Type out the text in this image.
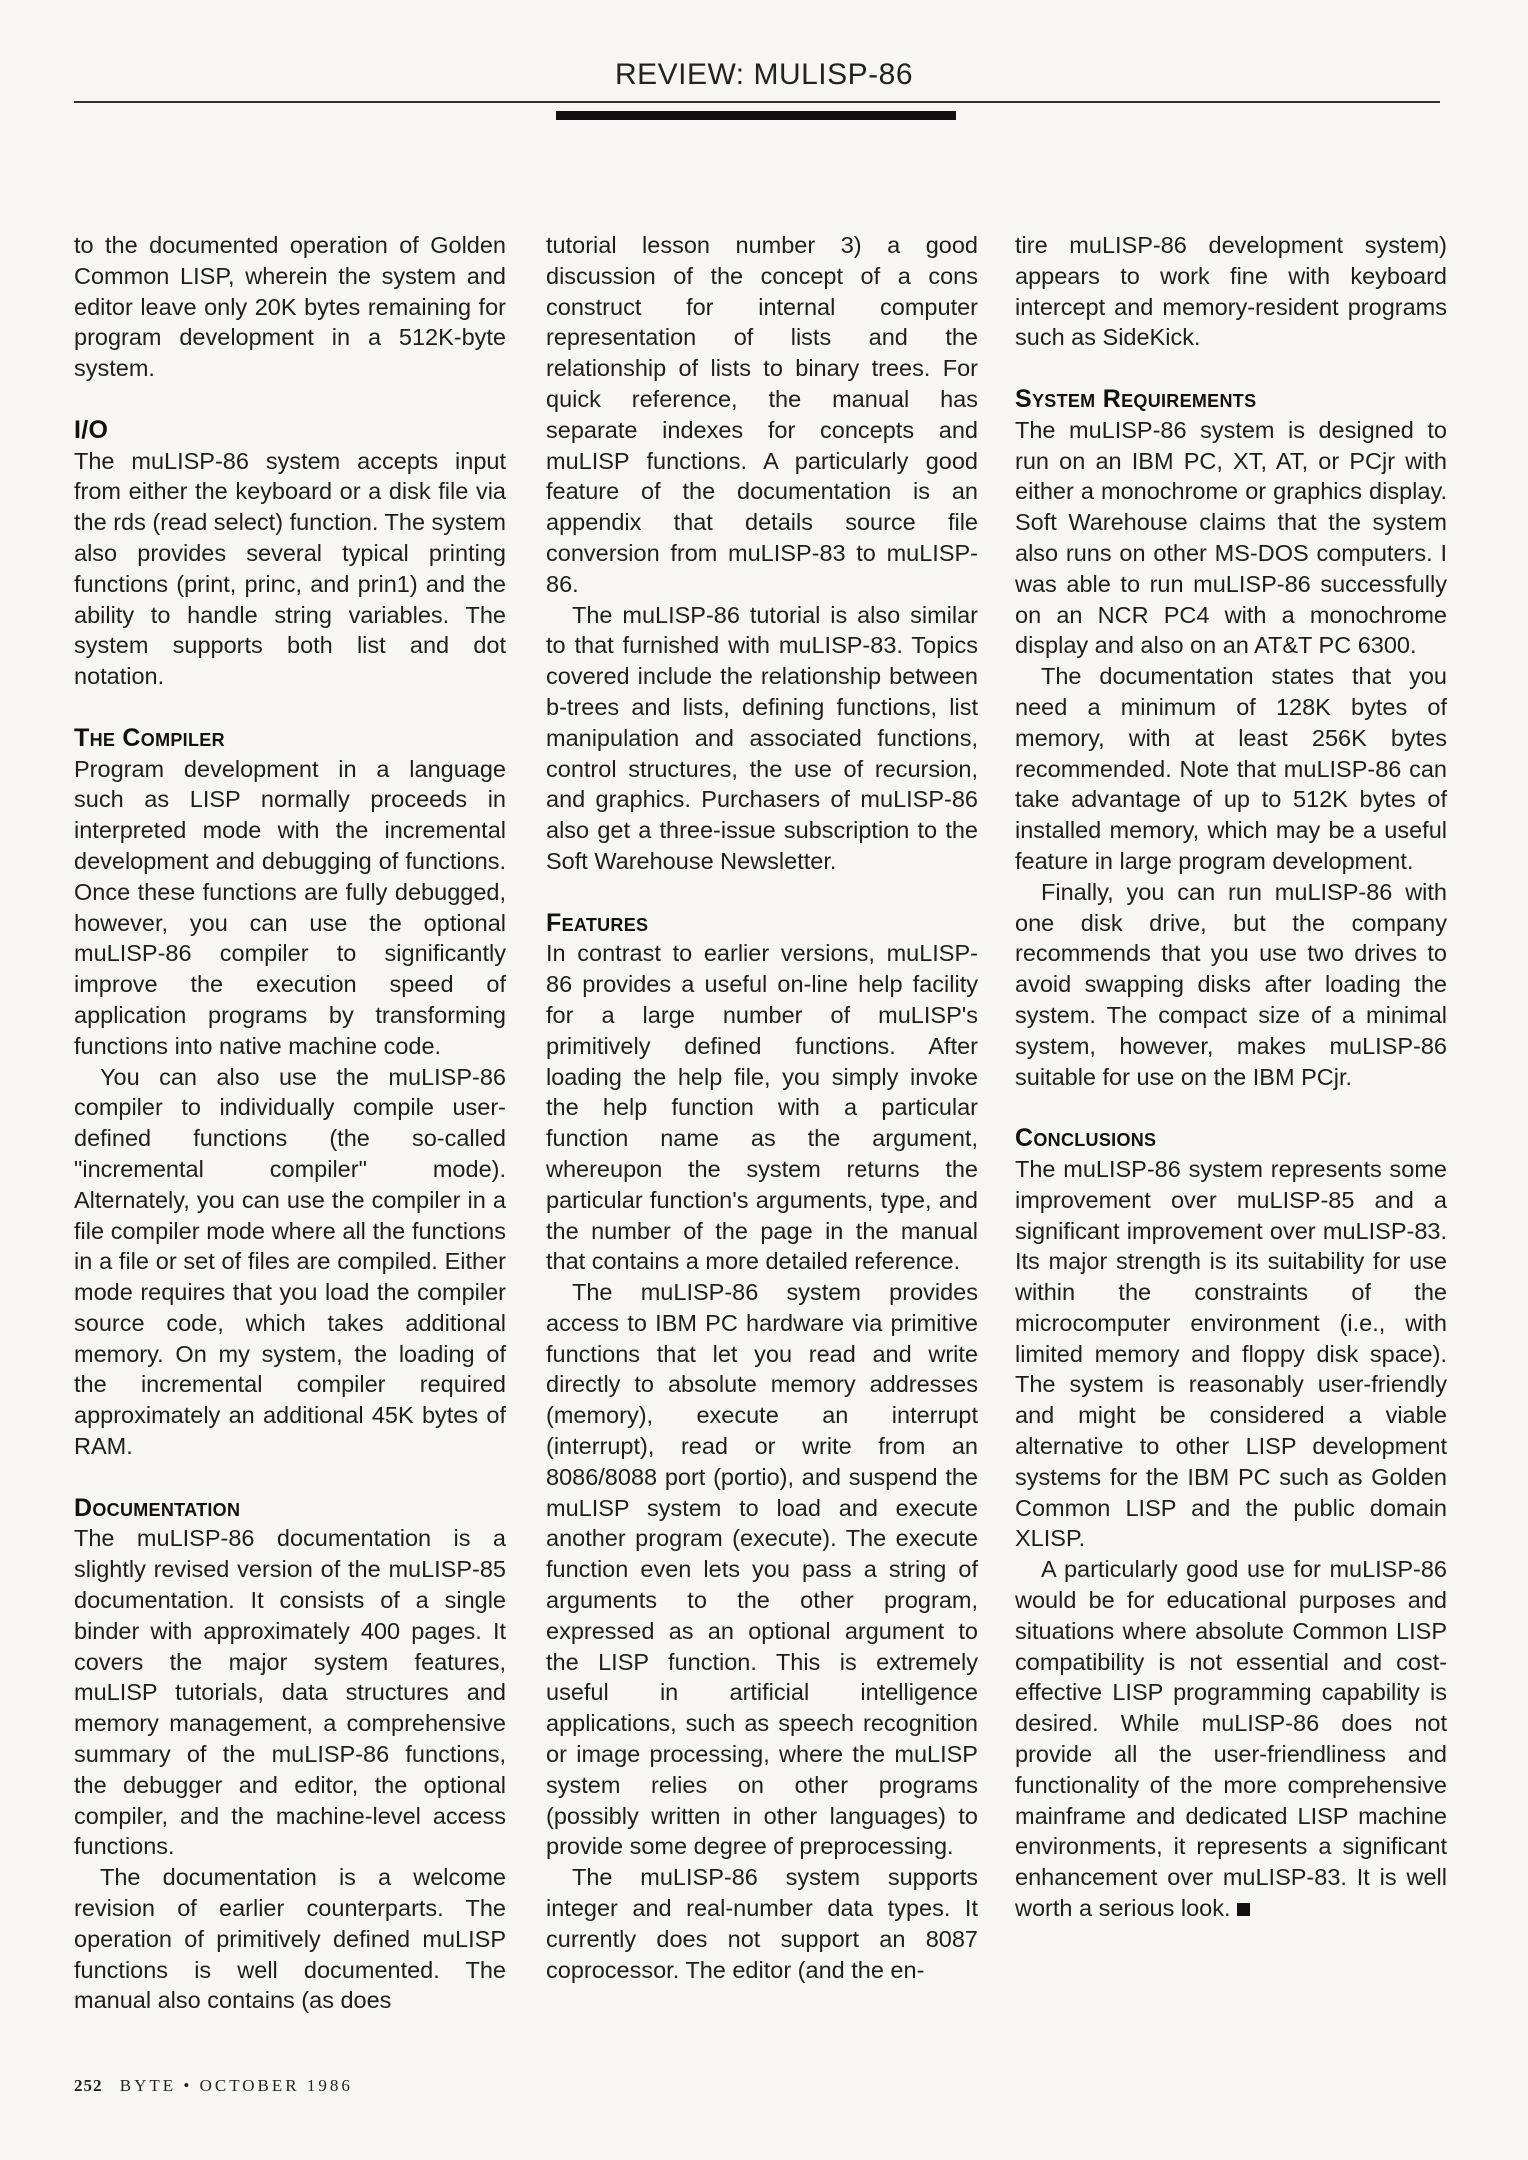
REVIEW: MULISP-86

to the documented operation of Golden Common LISP, wherein the system and editor leave only 20K bytes remaining for program development in a 512K-byte system.

I/O

The muLISP-86 system accepts input from either the keyboard or a disk file via the rds (read select) function. The system also provides several typical printing functions (print, princ, and prin1) and the ability to handle string variables. The system supports both list and dot notation.

The Compiler

Program development in a language such as LISP normally proceeds in interpreted mode with the incremental development and debugging of functions. Once these functions are fully debugged, however, you can use the optional muLISP-86 compiler to significantly improve the execution speed of application programs by transforming functions into native machine code.

You can also use the muLISP-86 compiler to individually compile user-defined functions (the so-called "incremental compiler" mode). Alternately, you can use the compiler in a file compiler mode where all the functions in a file or set of files are compiled. Either mode requires that you load the compiler source code, which takes additional memory. On my system, the loading of the incremental compiler required approximately an additional 45K bytes of RAM.

Documentation

The muLISP-86 documentation is a slightly revised version of the muLISP-85 documentation. It consists of a single binder with approximately 400 pages. It covers the major system features, muLISP tutorials, data structures and memory management, a comprehensive summary of the muLISP-86 functions, the debugger and editor, the optional compiler, and the machine-level access functions.

The documentation is a welcome revision of earlier counterparts. The operation of primitively defined muLISP functions is well documented. The manual also contains (as does

tutorial lesson number 3) a good discussion of the concept of a cons construct for internal computer representation of lists and the relationship of lists to binary trees. For quick reference, the manual has separate indexes for concepts and muLISP functions. A particularly good feature of the documentation is an appendix that details source file conversion from muLISP-83 to muLISP-86.

The muLISP-86 tutorial is also similar to that furnished with muLISP-83. Topics covered include the relationship between b-trees and lists, defining functions, list manipulation and associated functions, control structures, the use of recursion, and graphics. Purchasers of muLISP-86 also get a three-issue subscription to the Soft Warehouse Newsletter.

Features

In contrast to earlier versions, muLISP-86 provides a useful on-line help facility for a large number of muLISP's primitively defined functions. After loading the help file, you simply invoke the help function with a particular function name as the argument, whereupon the system returns the particular function's arguments, type, and the number of the page in the manual that contains a more detailed reference.

The muLISP-86 system provides access to IBM PC hardware via primitive functions that let you read and write directly to absolute memory addresses (memory), execute an interrupt (interrupt), read or write from an 8086/8088 port (portio), and suspend the muLISP system to load and execute another program (execute). The execute function even lets you pass a string of arguments to the other program, expressed as an optional argument to the LISP function. This is extremely useful in artificial intelligence applications, such as speech recognition or image processing, where the muLISP system relies on other programs (possibly written in other languages) to provide some degree of preprocessing.

The muLISP-86 system supports integer and real-number data types. It currently does not support an 8087 coprocessor. The editor (and the en-

tire muLISP-86 development system) appears to work fine with keyboard intercept and memory-resident programs such as SideKick.

System Requirements

The muLISP-86 system is designed to run on an IBM PC, XT, AT, or PCjr with either a monochrome or graphics display. Soft Warehouse claims that the system also runs on other MS-DOS computers. I was able to run muLISP-86 successfully on an NCR PC4 with a monochrome display and also on an AT&T PC 6300.

The documentation states that you need a minimum of 128K bytes of memory, with at least 256K bytes recommended. Note that muLISP-86 can take advantage of up to 512K bytes of installed memory, which may be a useful feature in large program development.

Finally, you can run muLISP-86 with one disk drive, but the company recommends that you use two drives to avoid swapping disks after loading the system. The compact size of a minimal system, however, makes muLISP-86 suitable for use on the IBM PCjr.

Conclusions

The muLISP-86 system represents some improvement over muLISP-85 and a significant improvement over muLISP-83. Its major strength is its suitability for use within the constraints of the microcomputer environment (i.e., with limited memory and floppy disk space). The system is reasonably user-friendly and might be considered a viable alternative to other LISP development systems for the IBM PC such as Golden Common LISP and the public domain XLISP.

A particularly good use for muLISP-86 would be for educational purposes and situations where absolute Common LISP compatibility is not essential and cost-effective LISP programming capability is desired. While muLISP-86 does not provide all the user-friendliness and functionality of the more comprehensive mainframe and dedicated LISP machine environments, it represents a significant enhancement over muLISP-83. It is well worth a serious look.

252 BYTE • OCTOBER 1986
